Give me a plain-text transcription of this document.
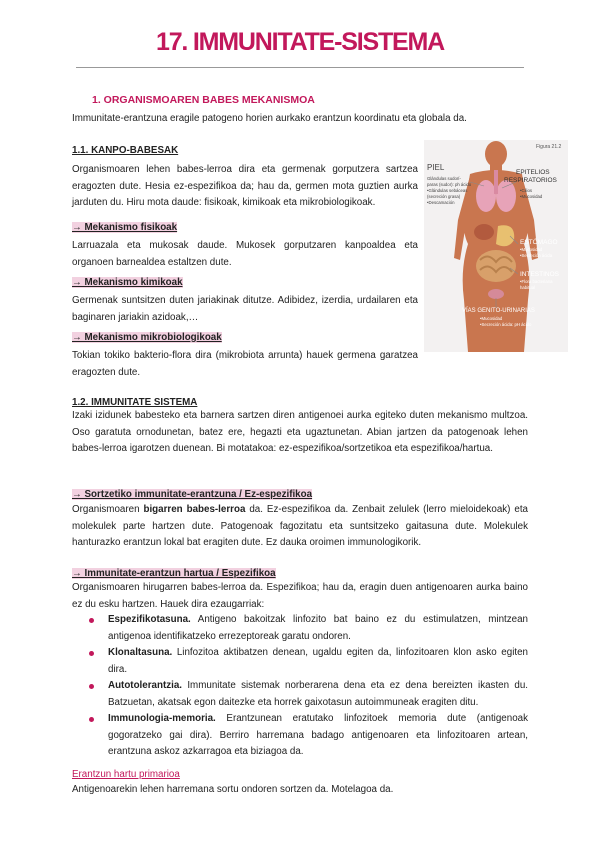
17. IMMUNITATE-SISTEMA
1. ORGANISMOAREN BABES MEKANISMOA
Immunitate-erantzuna eragile patogeno horien aurkako erantzun koordinatu eta globala da.
1.1. KANPO-BABESAK
Organismoaren lehen babes-lerroa dira eta germenak gorputzera sartzea eragozten dute. Hesia ez-espezifikoa da; hau da, germen mota guztien aurka jarduten du. Hiru mota daude: fisikoak, kimikoak eta mikrobiologikoak.
→ Mekanismo fisikoak
Larruazala eta mukosak daude. Mukosek gorputzaren kanpoaldea eta organoen barnealdea estaltzen dute.
→ Mekanismo kimikoak
Germenak suntsitzen duten jariakinak ditutze. Adibidez, izerdia, urdailaren eta baginaren jariakin azidoak,…
→ Mekanismo mikrobiologikoak
Tokian tokiko bakterio-flora dira (mikrobiota arrunta) hauek germena garatzea eragozten dute.
Figura 21.2
PIEL
Glándulas sudorí-
paras (sudor): ph ácido
•Glándulas sebáceas
(secreción grasa)
•Descamación
EPITELIOS
RESPIRATORIOS
•Cilios
•Mucosidad
ESTÓMAGO
•Mucosidad
•Secreción ácida
INTESTINOS
•Flora bacteriana
habitual
VÍAS GENITO-URINARIAS
•Mucosidad
•Secreción ácida: pH ácido
1.2. IMMUNITATE SISTEMA
Izaki izidunek babesteko eta barnera sartzen diren antigenoei aurka egiteko duten mekanismo multzoa. Oso garatuta ornodunetan, batez ere, hegazti eta ugaztunetan. Abian jartzen da patogenoak lehen babes-lerroa igarotzen duenean. Bi motatakoa: ez-espezifikoa/sortzetikoa eta espezifikoa/hartua.
→ Sortzetiko immunitate-erantzuna / Ez-espezifikoa
Organismoaren bigarren babes-lerroa da. Ez-espezifikoa da. Zenbait zelulek (lerro mieloidekoak) eta molekulek parte hartzen dute. Patogenoak fagozitatu eta suntsitzeko gaitasuna dute. Molekulek hanturazko erantzun lokal bat eragiten dute. Ez dauka oroimen immunologikorik.
→ Immunitate-erantzun hartua / Espezifikoa
Organismoaren hirugarren babes-lerroa da. Espezifikoa; hau da, eragin duen antigenoaren aurka baino ez du esku hartzen. Hauek dira ezaugarriak:
Espezifikotasuna. Antigeno bakoitzak linfozito bat baino ez du estimulatzen, mintzean antigenoa identifikatzeko errezeptoreak garatu ondoren.
Klonaltasuna. Linfozitoa aktibatzen denean, ugaldu egiten da, linfozitoaren klon asko egiten dira.
Autotolerantzia. Immunitate sistemak norberarena dena eta ez dena bereizten ikasten du. Batzuetan, akatsak egon daitezke eta horrek gaixotasun autoimmuneak eragiten ditu.
Immunologia-memoria. Erantzunean eratutako linfozitoek memoria dute (antigenoak gogoratzeko gai dira). Berriro harremana badago antigenoaren eta linfozitoaren artean, erantzuna askoz azkarragoa eta biziagoa da.
Erantzun hartu primarioa
Antigenoarekin lehen harremana sortu ondoren sortzen da. Motelagoa da.
